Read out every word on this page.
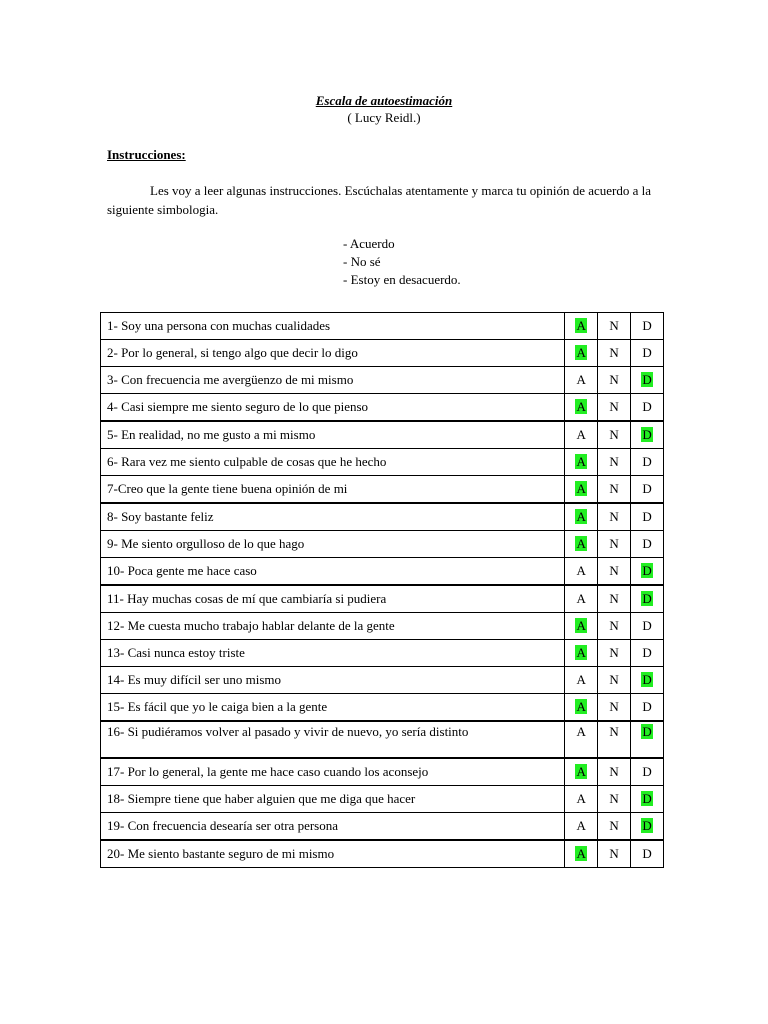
Escala de autoestimación
( Lucy Reidl.)
Instrucciones:
Les voy a leer algunas instrucciones. Escúchalas atentamente y marca tu opinión de acuerdo a la siguiente simbologia.
- Acuerdo
- No sé
- Estoy en desacuerdo.
1- Soy una persona con muchas cualidades	A	N	D
2- Por lo general, si tengo algo que decir lo digo	A	N	D
3- Con frecuencia me avergüenzo de mi mismo	A	N	D
4- Casi siempre me siento seguro de lo que pienso	A	N	D
5- En realidad, no me gusto a mi mismo	A	N	D
6- Rara vez me siento culpable de cosas que he hecho	A	N	D
7-Creo que la gente tiene buena opinión de mi	A	N	D
8- Soy bastante feliz	A	N	D
9- Me siento orgulloso de lo que hago	A	N	D
10- Poca gente me hace caso	A	N	D
11- Hay muchas cosas de mí que cambiaría si pudiera	A	N	D
12- Me cuesta mucho trabajo hablar delante de la gente	A	N	D
13- Casi nunca estoy triste	A	N	D
14- Es muy difícil ser uno mismo	A	N	D
15- Es fácil que yo le caiga bien a la gente	A	N	D
16- Si pudiéramos volver al pasado y vivir de nuevo, yo sería distinto	A	N	D
17- Por lo general, la gente me hace caso cuando los aconsejo	A	N	D
18- Siempre tiene que haber alguien que me diga que hacer	A	N	D
19- Con frecuencia desearía ser otra persona	A	N	D
20- Me siento bastante seguro de mi mismo	A	N	D
